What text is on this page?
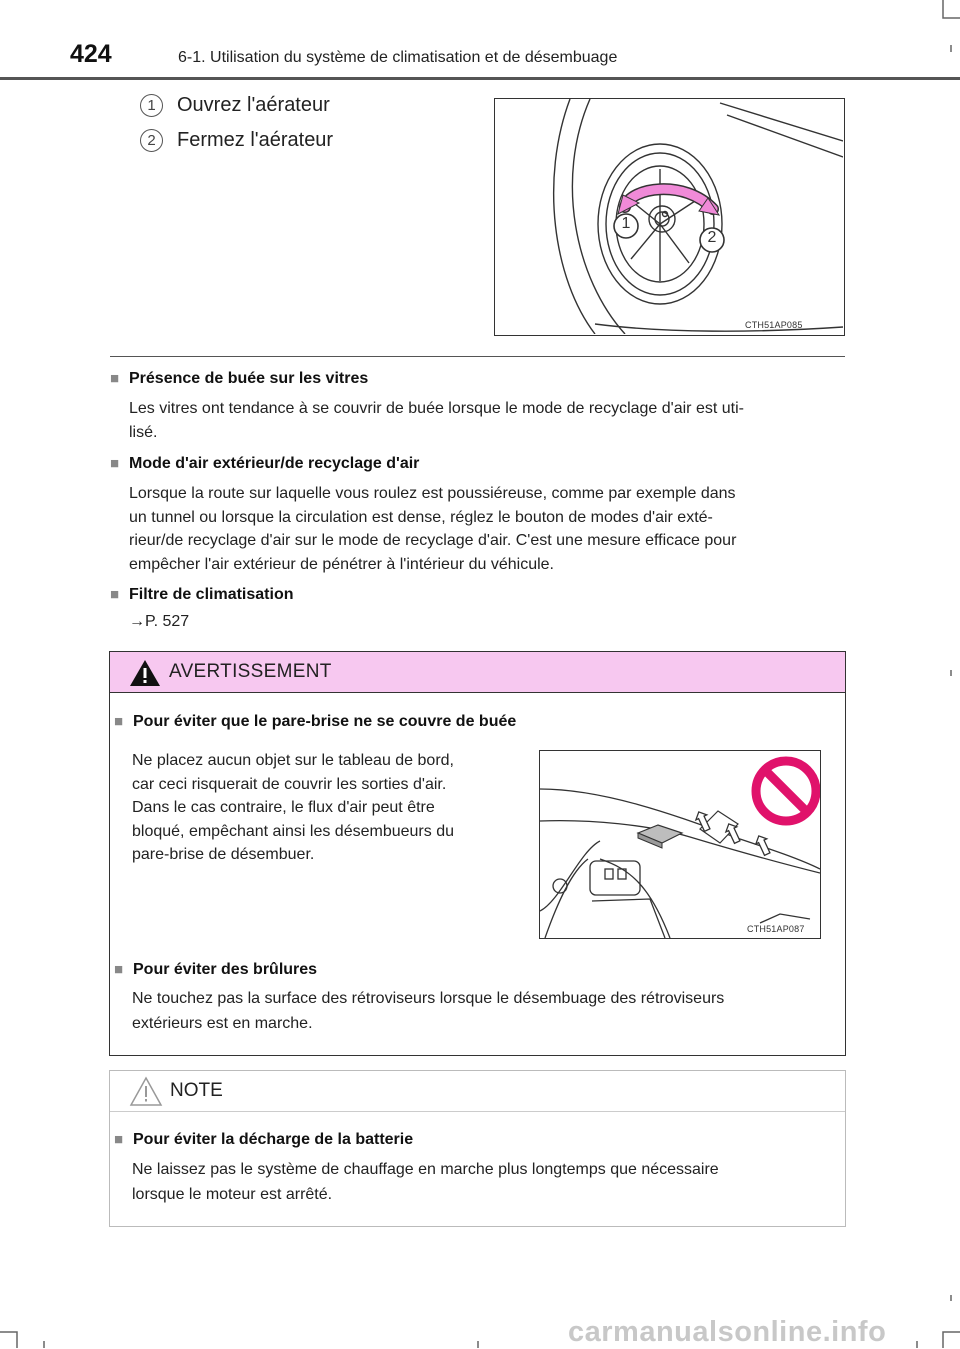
424	6-1. Utilisation du système de climatisation et de désembuage
1	Ouvrez l'aérateur
2	Fermez l'aérateur
1
2
CTH51AP085
■ Présence de buée sur les vitres
Les vitres ont tendance à se couvrir de buée lorsque le mode de recyclage d'air est uti-
lisé.
■ Mode d'air extérieur/de recyclage d'air
Lorsque la route sur laquelle vous roulez est poussiéreuse, comme par exemple dans
un tunnel ou lorsque la circulation est dense, réglez le bouton de modes d'air exté-
rieur/de recyclage d'air sur le mode de recyclage d'air. C'est une mesure efficace pour
empêcher l'air extérieur de pénétrer à l'intérieur du véhicule.
■ Filtre de climatisation
→P. 527
AVERTISSEMENT
■ Pour éviter que le pare-brise ne se couvre de buée
Ne placez aucun objet sur le tableau de bord,
car ceci risquerait de couvrir les sorties d'air.
Dans le cas contraire, le flux d'air peut être
bloqué, empêchant ainsi les désembueurs du
pare-brise de désembuer.
CTH51AP087
■ Pour éviter des brûlures
Ne touchez pas la surface des rétroviseurs lorsque le désembuage des rétroviseurs
extérieurs est en marche.
NOTE
■ Pour éviter la décharge de la batterie
Ne laissez pas le système de chauffage en marche plus longtemps que nécessaire
lorsque le moteur est arrêté.
carmanualsonline.info
